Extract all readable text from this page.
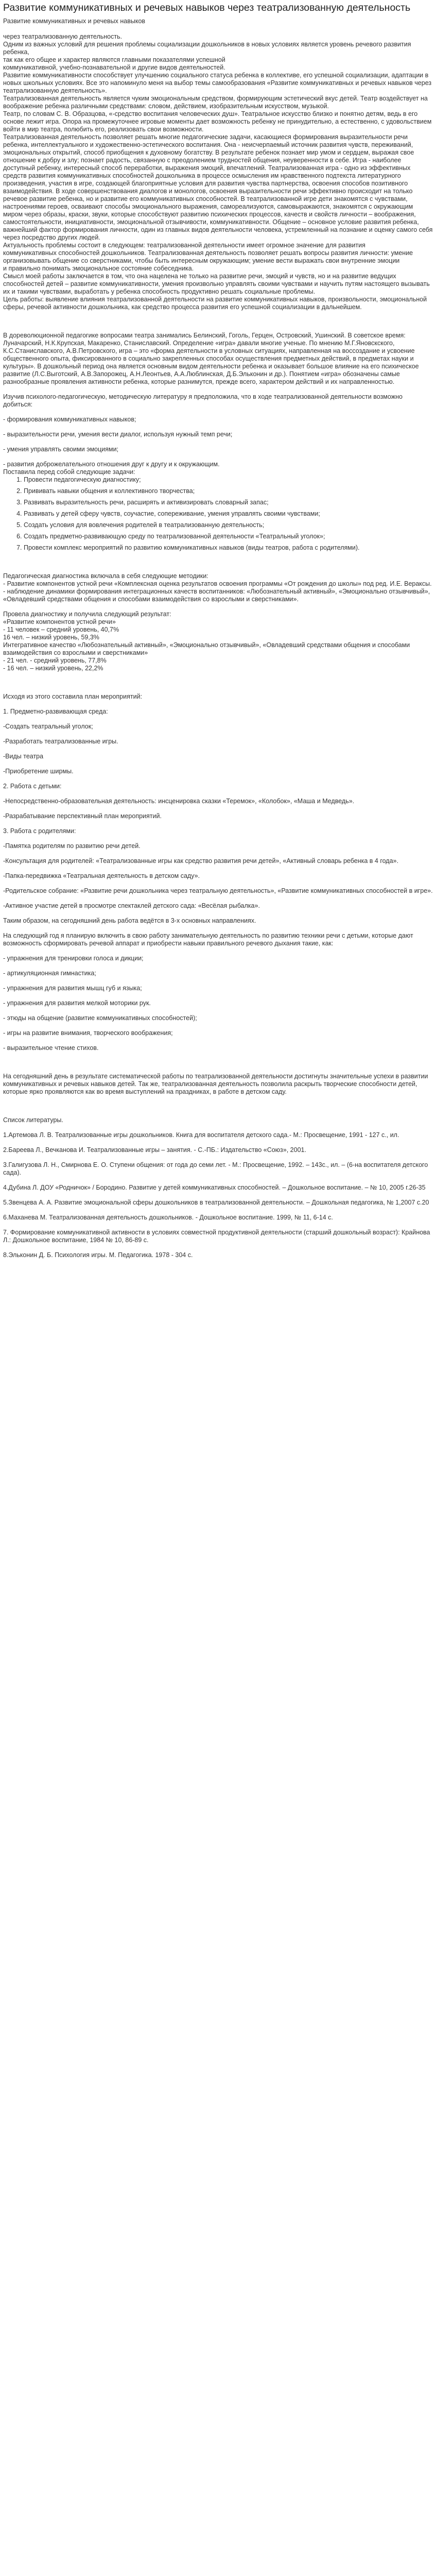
Развитие коммуникативных и речевых навыков через театрализованную деятельность

Развитие коммуникативных и речевых навыков

через театрализованную деятельность.

Одним из важных условий для решения проблемы социализации дошкольников в новых условиях является уровень речевого развития ребенка,
так как его общее и характер являются главными показателями успешной
коммуникативной, учебно-познавательной и другие видов деятельностей.

Развитие коммуникативности способствует улучшению социального статуса ребенка в коллективе, его успешной социализации, адаптации в новых школьных условиях. Все это напоминуло меня на выбор темы самообразования «Развитие коммуникативных и речевых навыков через театрализованную деятельность».

Театрализованная деятельность является чуким эмоциональным средством, формирующим эстетический вкус детей. Театр воздействует на воображение ребенка различными средствами: словом, действием, изобразительным искусством, музыкой.

Театр, по словам С. В. Образцова, «-средство воспитания человеческих душ». Театральное искусство близко и понятно детям, ведь в его основе лежит игра. Опора на промежуточнее игровые моменты дает возможность ребенку не принудительно, а естественно, с удовольствием войти в мир театра, полюбить его, реализовать свои возможности.

Театрализованная деятельность позволяет решать многие педагогические задачи, касающиеся формирования выразительности речи ребенка, интеллектуального и художественно-эстетического воспитания. Она - неисчерпаемый источник развития чувств, переживаний, эмоциональных открытий, способ приобщения к духовному богатству. В результате ребенок познает мир умом и сердцем, выражая свое отношение к добру и злу; познает радость, связанную с преодолением трудностей общения, неуверенности в себе. Игра - наиболее доступный ребенку, интересный способ переработки, выражения эмоций, впечатлений. Театрализованная игра - одно из эффективных средств развития коммуникативных способностей дошкольника в процессе осмысления им нравственного подтекста литературного произведения, участия в игре, создающей благоприятные условия для развития чувства партнерства, освоения способов позитивного взаимодействия. В ходе совершенствования диалогов и монологов, освоения выразительности речи эффективно происходит на только речевое развитие ребенка, но и развитие его коммуникативных способностей. В театрализованной игре дети знакомятся с чувствами, настроениями героев, осваивают способы эмоционального выражения, самореализуются, самовыражаются, знакомятся с окружающим миром через образы, краски, звуки, которые способствуют развитию психических процессов, качеств и свойств личности – воображения, самостоятельности, инициативности, эмоциональной отзывчивости, коммуникативности. Общение – основное условие развития ребенка, важнейший фактор формирования личности, один из главных видов деятельности человека, устремленный на познание и оценку самого себя через посредство других людей.

Актуальность проблемы состоит в следующем: театрализованной деятельности имеет огромное значение для развития
коммуникативных способностей дошкольников. Театрализованная деятельность позволяет решать вопросы развития личности: умение организовывать общение со сверстниками, чтобы быть интересным окружающим; умение вести выражать свои внутренние эмоции
и правильно понимать эмоциональное состояние собеседника.

Смысл моей работы заключается в том, что она нацелена не только на развитие речи, эмоций и чувств, но и на развитие ведущих способностей детей – развитие коммуникативности, умения произвольно управлять своими чувствами и научить путям настоящего вызывать их и такими чувствами, выработать у ребенка способность продуктивно решать социальные проблемы.

Цель работы: выявление влияния театрализованной деятельности на развитие коммуникативных навыков, произвольности, эмоциональной сферы, речевой активности дошкольника, как средство процесса развития его успешной социализации в дальнейшем.

В дореволюционной педагогике вопросами театра занимались Белинский, Гоголь, Герцен, Островский, Ушинский. В советское время: Луначарский, Н.К.Крупская, Макаренко, Станиславский. Определение «игра» давали многие ученые. По мнению М.Г.Яновскского, К.С.Станиславского, А.В.Петровского, игра – это «форма деятельности в условных ситуациях, направленная на воссоздание и усвоение общественного опыта, фиксированного в социально закрепленных способах осуществления предметных действий, в предметах науки и культуры». В дошкольный период она является основным видом деятельности ребенка и оказывает большое влияние на его психическое развитие (Л.С.Выготский, А.В.Запорожец, А.Н.Леонтьев, А.А.Люблинская, Д.Б.Эльконин и др.). Понятием «игра» обозначены самые разнообразные проявления активности ребенка, которые разнимутся, прежде всего, характером действий и их направленностью.

Изучив психолого-педагогическую, методическую литературу я предположила, что в ходе театрализованной деятельности возможно добиться:

- формирования коммуникативных навыков;

- выразительности речи, умения вести диалог, используя нужный темп речи;

- умения управлять своими эмоциями;

- развития доброжелательного отношения друг к другу и к окружающим.

Поставила перед собой следующие задачи:

1. Провести педагогическую диагностику;
2. Прививать навыки общения и коллективного творчества;
3. Развивать выразительность речи, расширять и активизировать словарный запас;
4. Развивать у детей сферу чувств, соучастие, сопереживание, умения управлять своими чувствами;
5. Создать условия для вовлечения родителей в театрализованную деятельность;
6. Создать предметно-развивающую среду по театрализованной деятельности «Театральный уголок»;
7. Провести комплекс мероприятий по развитию коммуникативных навыков (виды театров, работа с родителями).

Педагогическая диагностика включала в себя следующие методики:

- Развитие компонентов устной речи «Комплексная оценка результатов освоения программы «От рождения до школы» под ред. И.Е. Вераксы.

- наблюдение динамики формирования интеграционных качеств воспитанников: «Любознательный активный», «Эмоционально отзывчивый», «Овладевший средствами общения и способами взаимодействия со взрослыми и сверстниками».

Провела диагностику и получила следующий результат:

«Развитие компонентов устной речи»

- 11 человек – средний уровень, 40,7%

16 чел. – низкий уровень, 59,3%

Интегративное качество «Любознательный активный», «Эмоционально отзывчивый», «Овладевший средствами общения и способами взаимодействия со взрослыми и сверстниками»

- 21 чел. - средний уровень, 77,8%

- 16 чел. – низкий уровень, 22,2%

Исходя из этого составила план мероприятий:

1. Предметно-развивающая среда:

-Создать театральный уголок;

-Разработать театрализованные игры.

-Виды театра

-Приобретение ширмы.

2. Работа с детьми:

-Непосредственно-образовательная деятельность: инсценировка сказки «Теремок», «Колобок», «Маша и Медведь».

-Разрабатывание перспективный план мероприятий.

3. Работа с родителями:

-Памятка родителям по развитию речи детей.

-Консультация для родителей: «Театрализованные игры как средство развития речи детей», «Активный словарь ребенка в 4 года».

-Папка-передвижка «Театральная деятельность в детском саду».

-Родительское собрание: «Развитие речи дошкольника через театральную деятельность», «Развитие коммуникативных способностей в игре».

-Активное участие детей в просмотре спектаклей детского сада: «Весёлая рыбалка».

Таким образом, на сегодняшний день работа ведётся в 3-х основных направлениях.

На следующий год я планирую включить в свою работу занимательную деятельность по развитию техники речи с детьми, которые дают возможность сформировать речевой аппарат и приобрести навыки правильного речевого дыхания такие, как:

- упражнения для тренировки голоса и дикции;

- артикуляционная гимнастика;

- упражнения для развития мышц губ и языка;

- упражнения для развития мелкой моторики рук.

- этюды на общение (развитие коммуникативных способностей);

- игры на развитие внимания, творческого воображения;

- выразительное чтение стихов.

На сегодняшний день в результате систематической работы по театрализованной деятельности достигнуты значительные успехи в развитии коммуникативных и речевых навыков детей. Так же, театрализованная деятельность позволила раскрыть творческие способности детей, которые ярко проявляются как во время выступлений на праздниках, в работе в детском саду.

Список литературы.

1.Артемова Л. В. Театрализованные игры дошкольников. Книга для воспитателя детского сада.- М.: Просвещение, 1991 - 127 с., ил.

2.Бареева Л., Вечканова И. Театрализованные игры – занятия. - С.-ПБ.: Издательство «Союз», 2001.

3.Галигузова Л. Н., Смирнова Е. О. Ступени общения: от года до семи лет. - М.: Просвещение, 1992. – 143с., ил. – (6-на воспитателя детского сада).

4.Дубина Л. ДОУ «Родничок» / Бородино. Развитие у детей коммуникативных способностей. – Дошкольное воспитание. – № 10, 2005 г.26-35

5.Звенцева А. А. Развитие эмоциональной сферы дошкольников в театрализованной деятельности. – Дошкольная педагогика, № 1,2007 с.20

6.Маханева М. Театрализованная деятельность дошкольников. - Дошкольное воспитание. 1999, № 11, 6-14 с.

7. Формирование коммуникативной активности в условиях совместной продуктивной деятельности (старший дошкольный возраст): Крайнова Л.: Дошкольное воспитание, 1984 № 10, 86-89 с.

8.Эльконин Д. Б. Психология игры. М. Педагогика. 1978 - 304 с.
